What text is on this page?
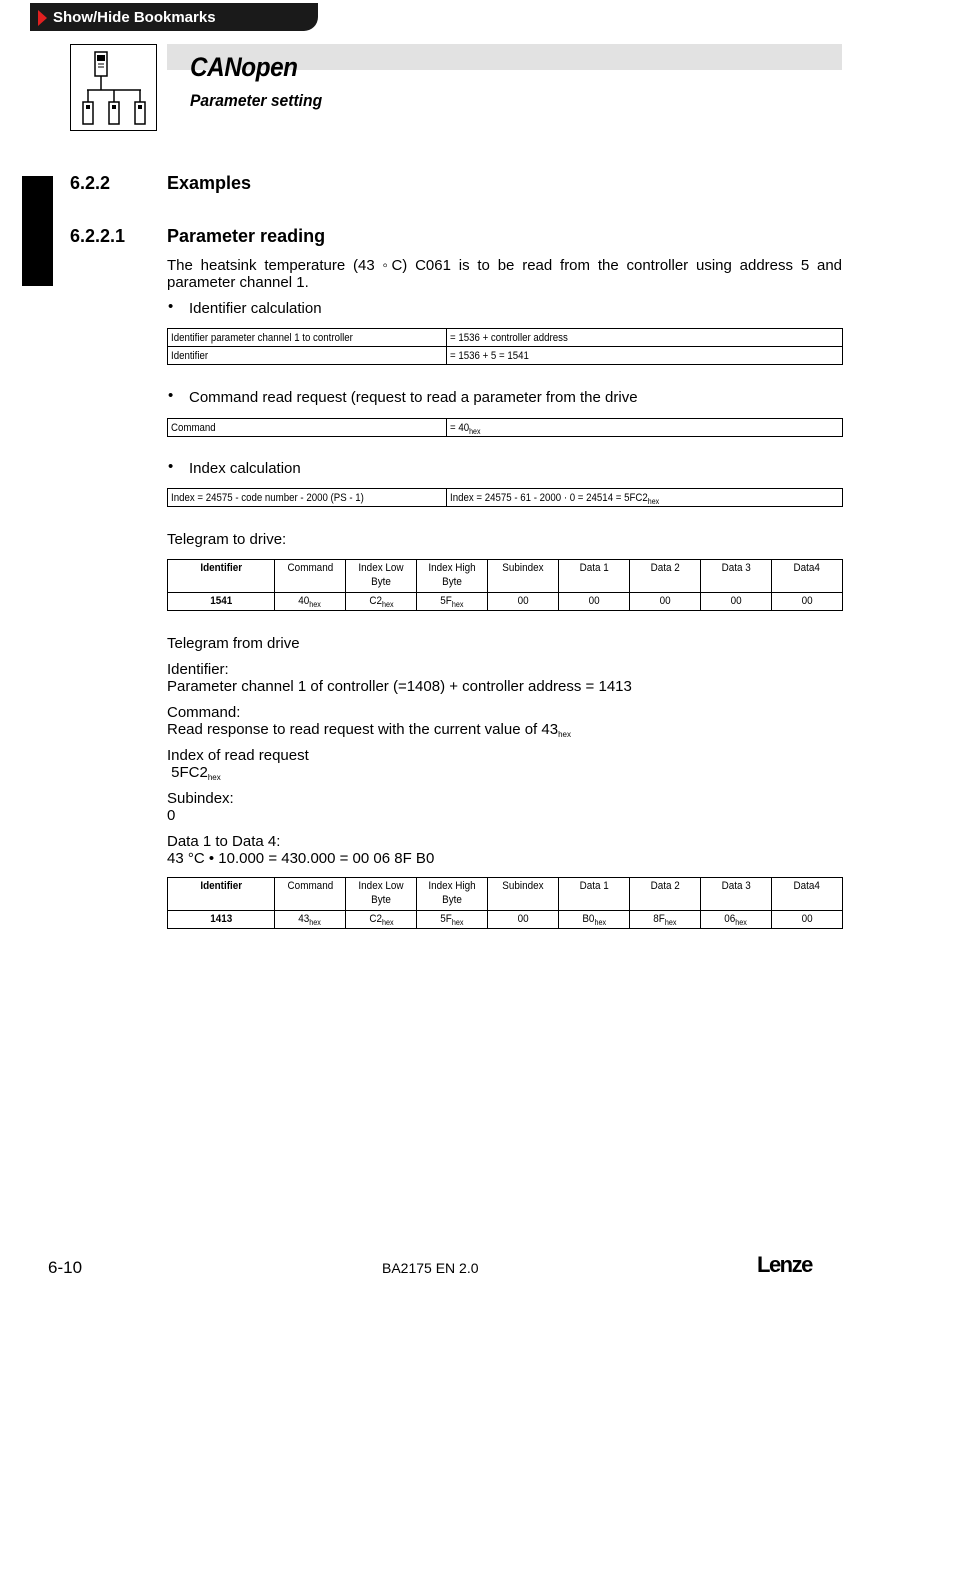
Show/Hide Bookmarks
CANopen
Parameter setting
6.2.2	Examples
6.2.2.1 Parameter reading
The heatsink temperature (43 ◦C) C061 is to be read from the controller using address 5 and parameter channel 1.
• Identifier calculation
Identifier parameter channel 1 to controller	= 1536 + controller address
Identifier	= 1536 + 5 = 1541
• Command read request (request to read a parameter from the drive
Command	= $40_{hex}$
• Index calculation
Index = 24575 - code number - 2000 (PS - 1)	Index = $24575 - 61 - 2000 \cdot 0 = 24514 = 5FC2_{hex}$
Telegram to drive:
Identifier	Command	Index Low Byte	Index High Byte	Subindex	Data 1	Data 2	Data 3	Data4
1541	$40_{hex}$	$C2_{hex}$	$5F_{hex}$	00	00	00	00	00
Telegram from drive
Identifier:
Parameter channel 1 of controller (=1408) + controller address = 1413
Command:
Read response to read request with the current value of $43_{hex}$
Index of read request
$5FC2_{hex}$
Subindex:
0
Data 1 to Data 4:
43 °C • 10.000 = 430.000 = 00 06 8F B0
Identifier	Command	Index Low Byte	Index High Byte	Subindex	Data 1	Data 2	Data 3	Data4
1413	$43_{hex}$	$C2_{hex}$	$5F_{hex}$	00	$B0_{hex}$	$8F_{hex}$	$06_{hex}$	00
6-10	BA2175 EN 2.0	Lenze
